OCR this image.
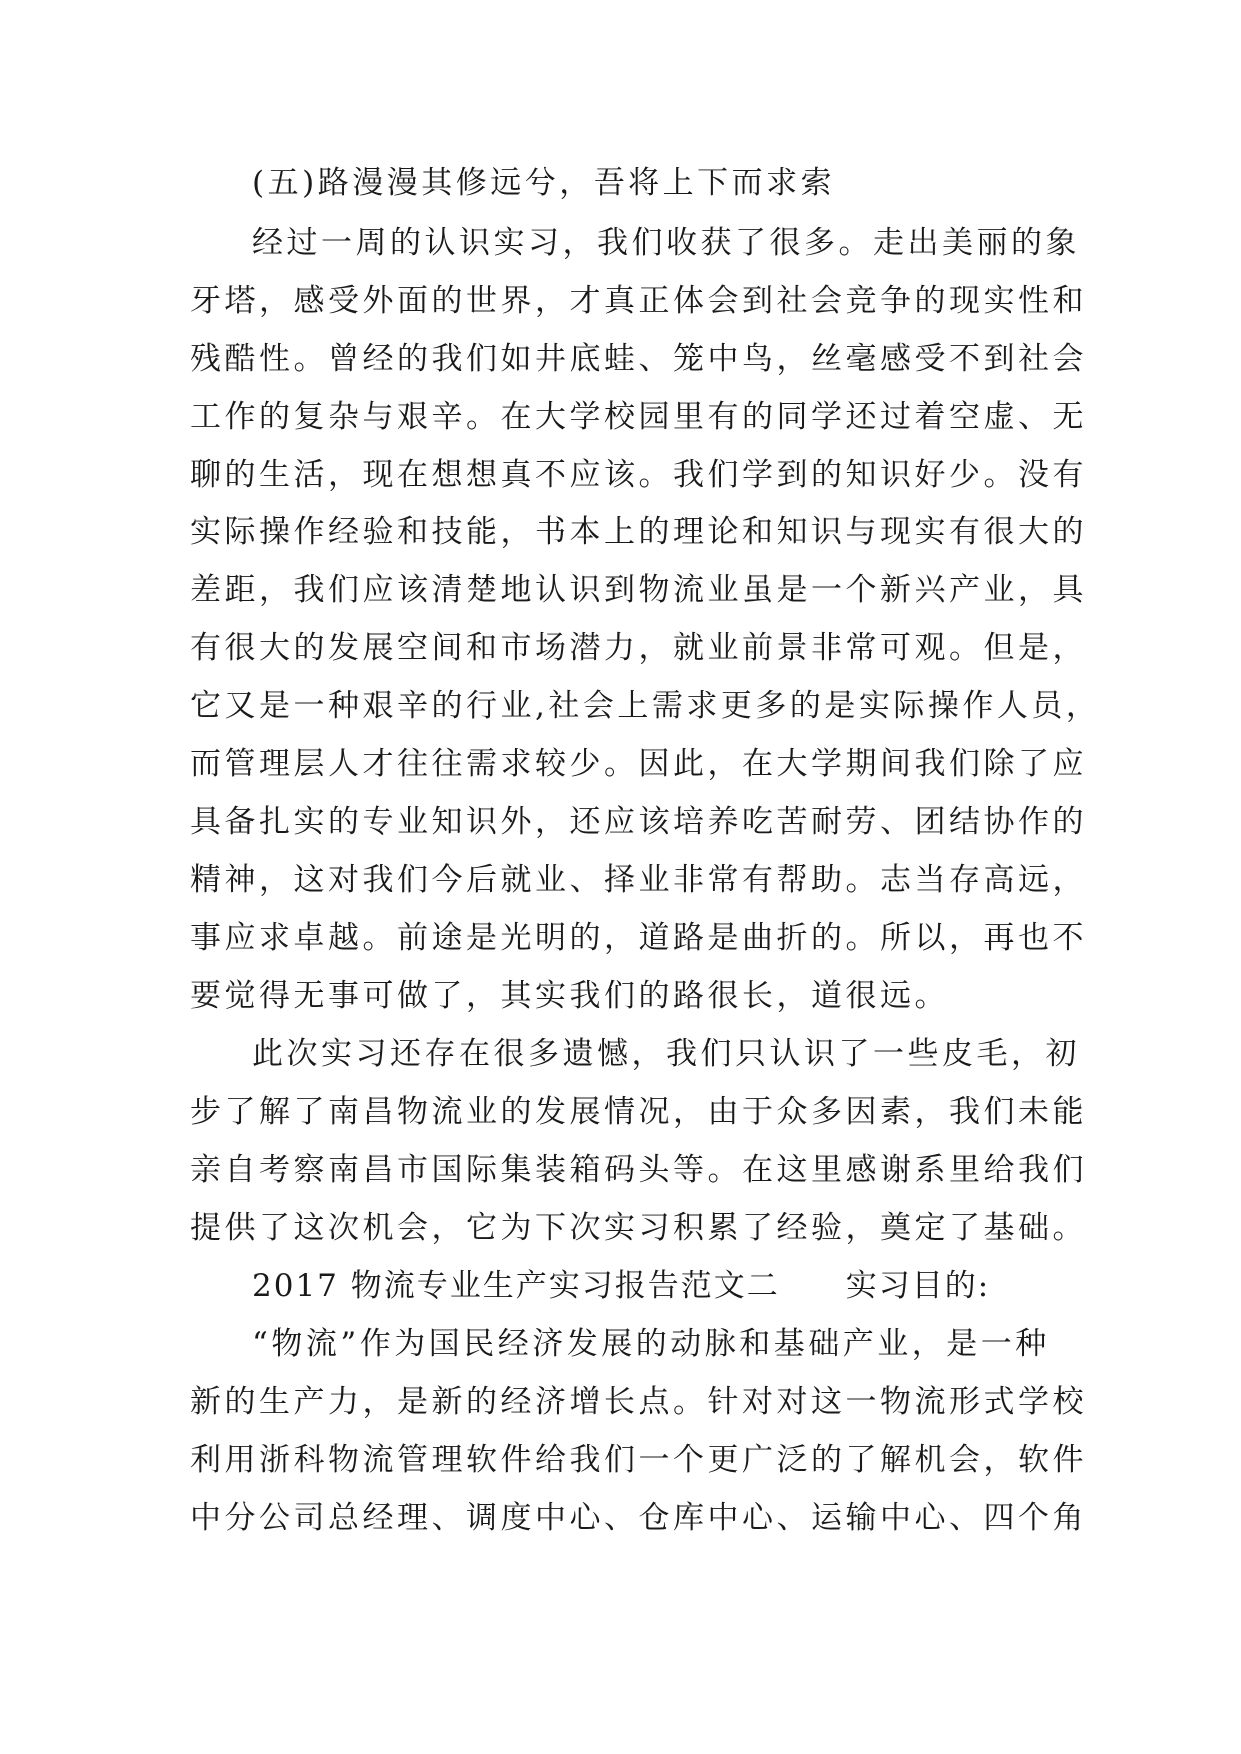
(五)路漫漫其修远兮，吾将上下而求索
经过一周的认识实习，我们收获了很多。走出美丽的象
牙塔，感受外面的世界，才真正体会到社会竞争的现实性和
残酷性。曾经的我们如井底蛙、笼中鸟，丝毫感受不到社会
工作的复杂与艰辛。在大学校园里有的同学还过着空虚、无
聊的生活，现在想想真不应该。我们学到的知识好少。没有
实际操作经验和技能，书本上的理论和知识与现实有很大的
差距，我们应该清楚地认识到物流业虽是一个新兴产业，具
有很大的发展空间和市场潜力，就业前景非常可观。但是，
它又是一种艰辛的行业,社会上需求更多的是实际操作人员，
而管理层人才往往需求较少。因此，在大学期间我们除了应
具备扎实的专业知识外，还应该培养吃苦耐劳、团结协作的
精神，这对我们今后就业、择业非常有帮助。志当存高远，
事应求卓越。前途是光明的，道路是曲折的。所以，再也不
要觉得无事可做了，其实我们的路很长，道很远。
此次实习还存在很多遗憾，我们只认识了一些皮毛，初
步了解了南昌物流业的发展情况，由于众多因素，我们未能
亲自考察南昌市国际集装箱码头等。在这里感谢系里给我们
提供了这次机会，它为下次实习积累了经验，奠定了基础。
2017 物流专业生产实习报告范文二　　实习目的:
“物流”作为国民经济发展的动脉和基础产业，是一种
新的生产力，是新的经济增长点。针对对这一物流形式学校
利用浙科物流管理软件给我们一个更广泛的了解机会，软件
中分公司总经理、调度中心、仓库中心、运输中心、四个角
